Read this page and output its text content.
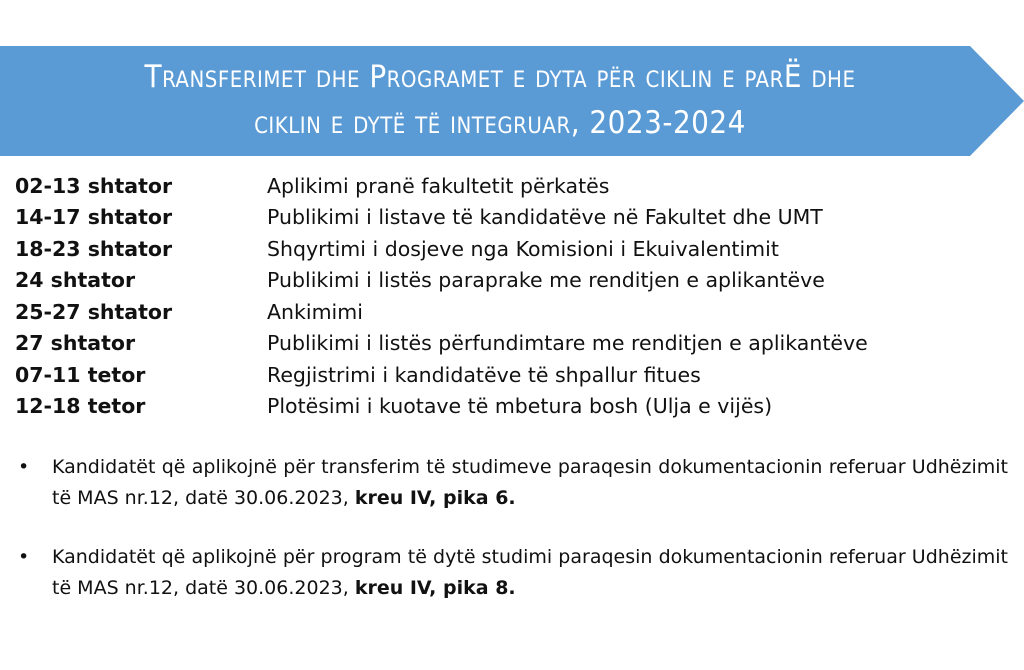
Transferimet dhe Programet e dyta për ciklin e parË dhe
ciklin e dytë të integruar, 2023-2024
02-13 shtator	Aplikimi pranë fakultetit përkatës
14-17 shtator	Publikimi i listave të kandidatëve në Fakultet dhe UMT
18-23 shtator	Shqyrtimi i dosjeve nga Komisioni i Ekuivalentimit
24 shtator	Publikimi i listës paraprake me renditjen e aplikantëve
25-27 shtator	Ankimimi
27 shtator	Publikimi i listës përfundimtare me renditjen e aplikantëve
07-11 tetor	Regjistrimi i kandidatëve të shpallur fitues
12-18 tetor	Plotësimi i kuotave të mbetura bosh (Ulja e vijës)
•	Kandidatët që aplikojnë për transferim të studimeve paraqesin dokumentacionin referuar Udhëzimit të MAS nr.12, datë 30.06.2023, kreu IV, pika 6.
•	Kandidatët që aplikojnë për program të dytë studimi paraqesin dokumentacionin referuar Udhëzimit të MAS nr.12, datë 30.06.2023, kreu IV, pika 8.
